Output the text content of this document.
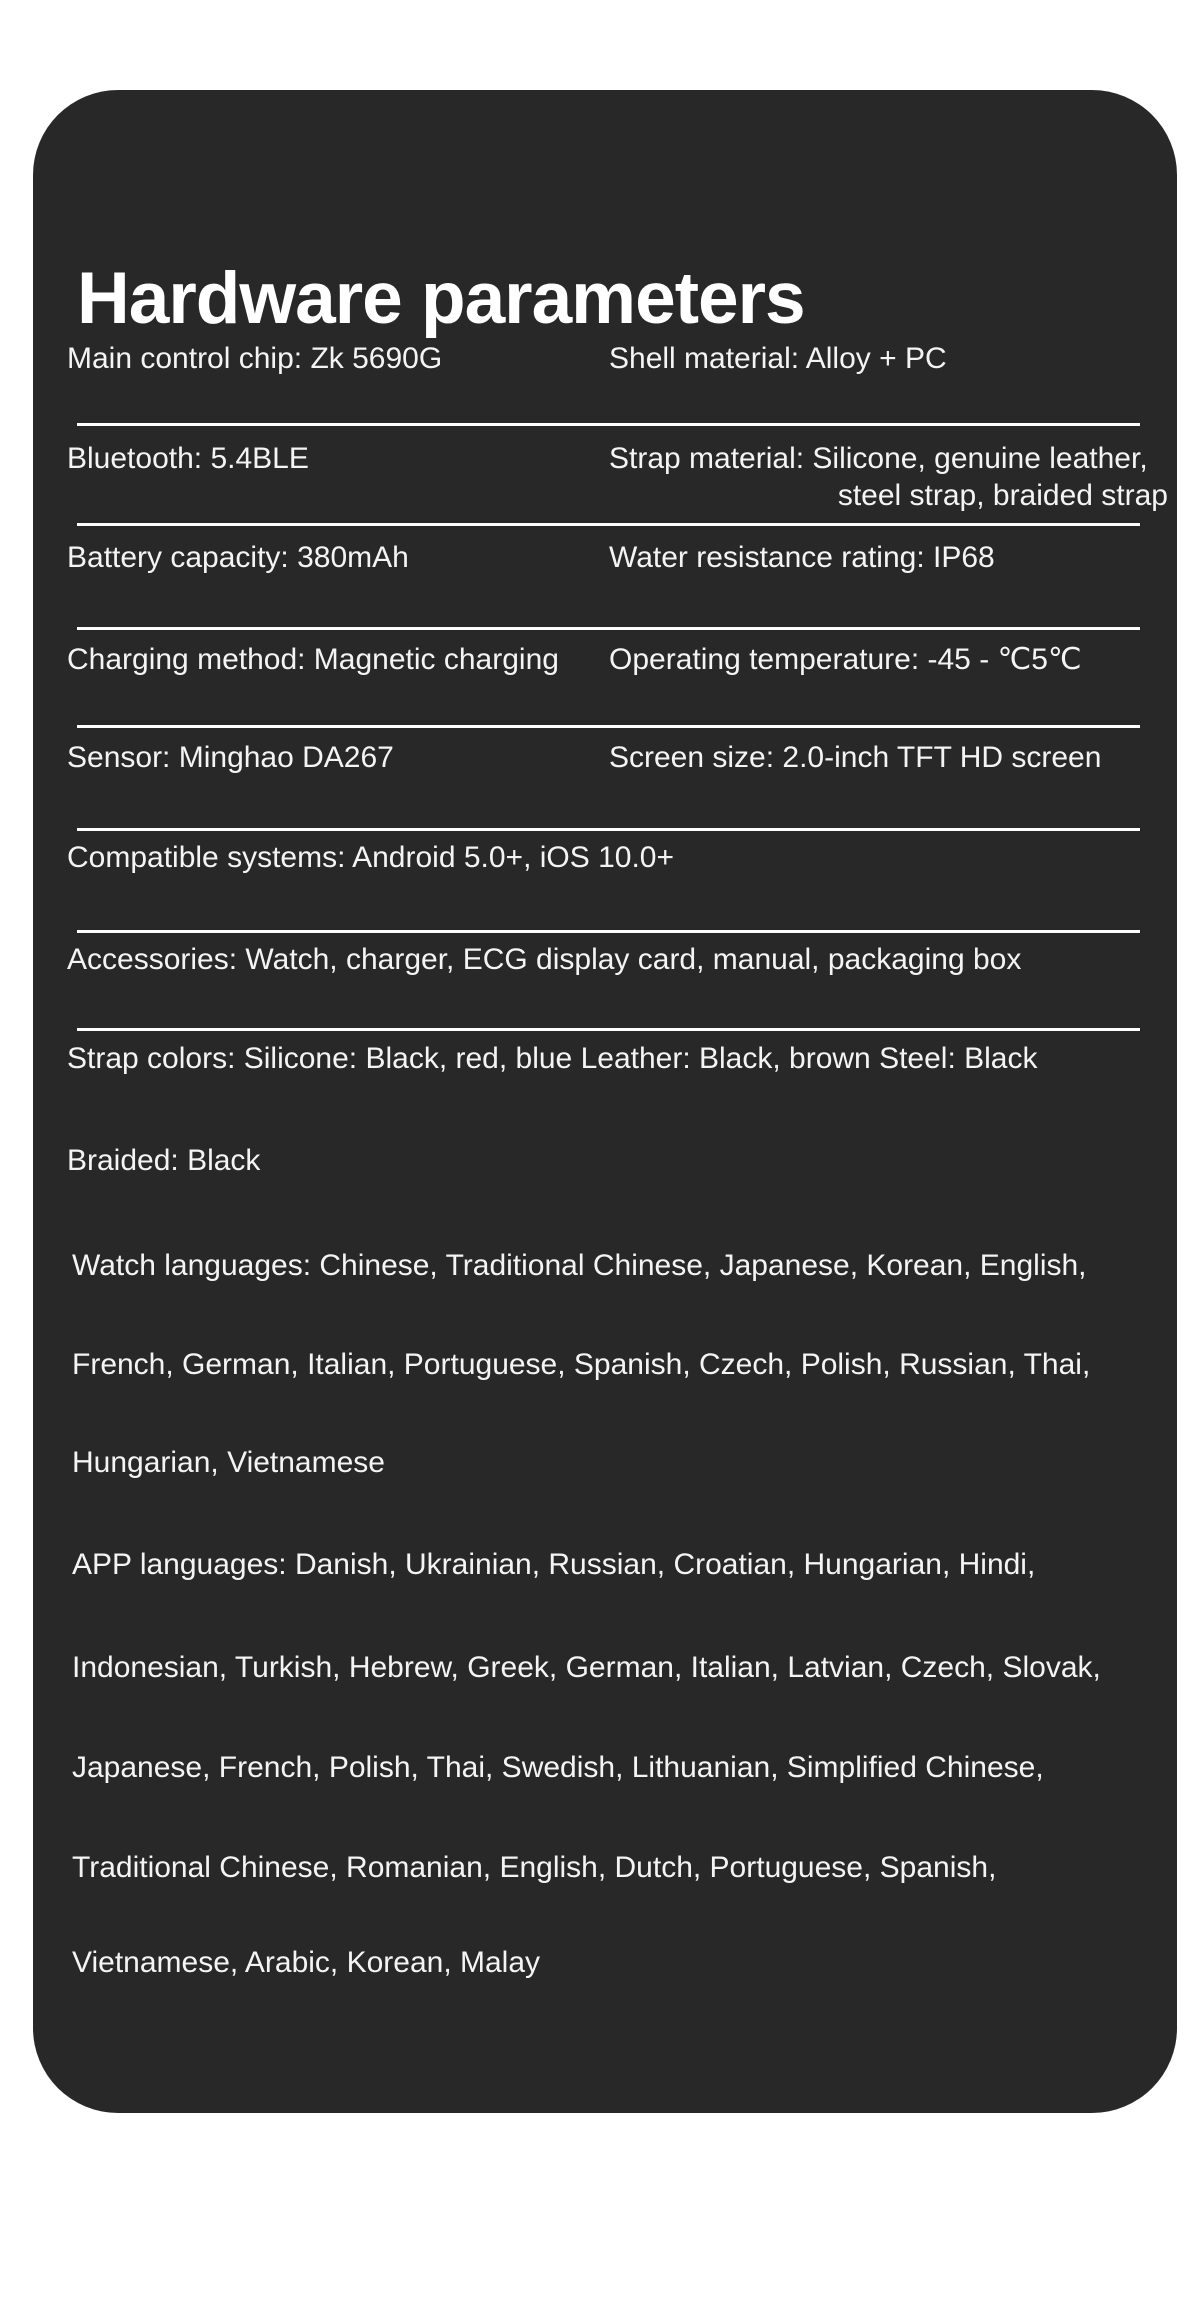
Hardware parameters
Main control chip: Zk 5690G	Shell material: Alloy + PC
Bluetooth: 5.4BLE	Strap material: Silicone, genuine leather,
steel strap, braided strap
Battery capacity: 380mAh	Water resistance rating: IP68
Charging method: Magnetic charging Operating temperature: -45 - ℃5℃
Sensor: Minghao DA267	Screen size: 2.0-inch TFT HD screen
Compatible systems: Android 5.0+, iOS 10.0+
Accessories: Watch, charger, ECG display card, manual, packaging box
Strap colors: Silicone: Black, red, blue Leather: Black, brown Steel: Black
Braided: Black
Watch languages: Chinese, Traditional Chinese, Japanese, Korean, English,
French, German, Italian, Portuguese, Spanish, Czech, Polish, Russian, Thai,
Hungarian, Vietnamese
APP languages: Danish, Ukrainian, Russian, Croatian, Hungarian, Hindi,
Indonesian, Turkish, Hebrew, Greek, German, Italian, Latvian, Czech, Slovak,
Japanese, French, Polish, Thai, Swedish, Lithuanian, Simplified Chinese,
Traditional Chinese, Romanian, English, Dutch, Portuguese, Spanish,
Vietnamese, Arabic, Korean, Malay
